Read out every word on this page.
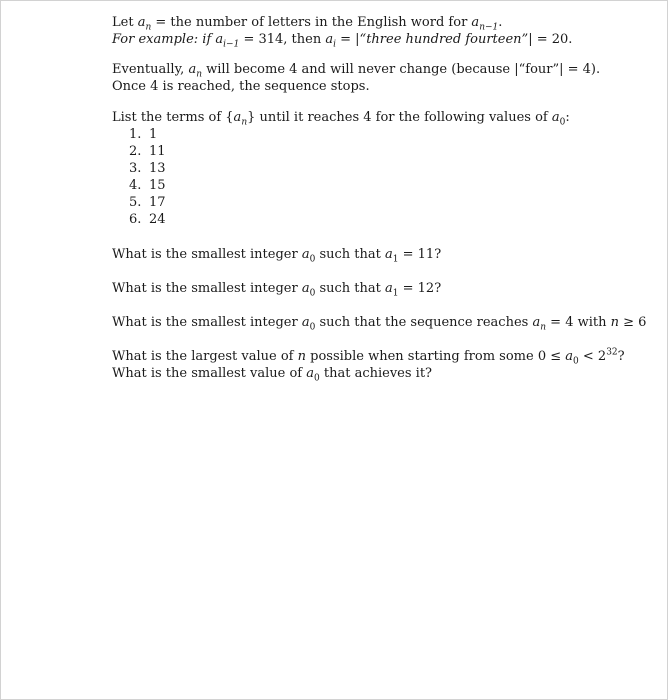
Let $a_n$ = the number of letters in the English word for $a_{n-1}$.
For example: if $a_{i-1} = 314$, then $a_i$ = |“three hundred fourteen”| = 20.
Eventually, $a_n$ will become 4 and will never change (because |“four”| = 4).
Once 4 is reached, the sequence stops.
List the terms of $\{a_n\}$ until it reaches 4 for the following values of $a_0$:
1. 1
2. 11
3. 13
4. 15
5. 17
6. 24
What is the smallest integer $a_0$ such that $a_1 = 11$?
What is the smallest integer $a_0$ such that $a_1 = 12$?
What is the smallest integer $a_0$ such that the sequence reaches $a_n = 4$ with n ≥ 6
What is the largest value of n possible when starting from some $0 \le a_0 < 2^{32}$?
What is the smallest value of $a_0$ that achieves it?
